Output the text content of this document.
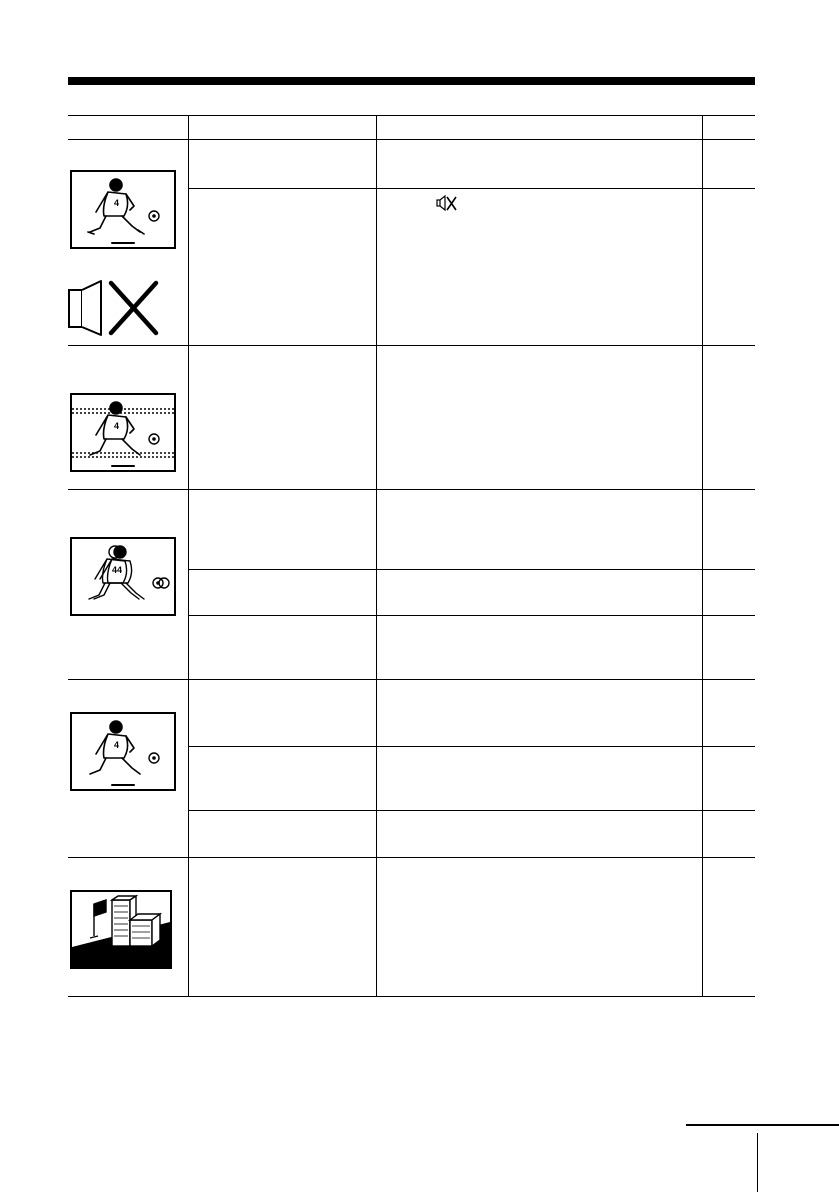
4
4
44
4
